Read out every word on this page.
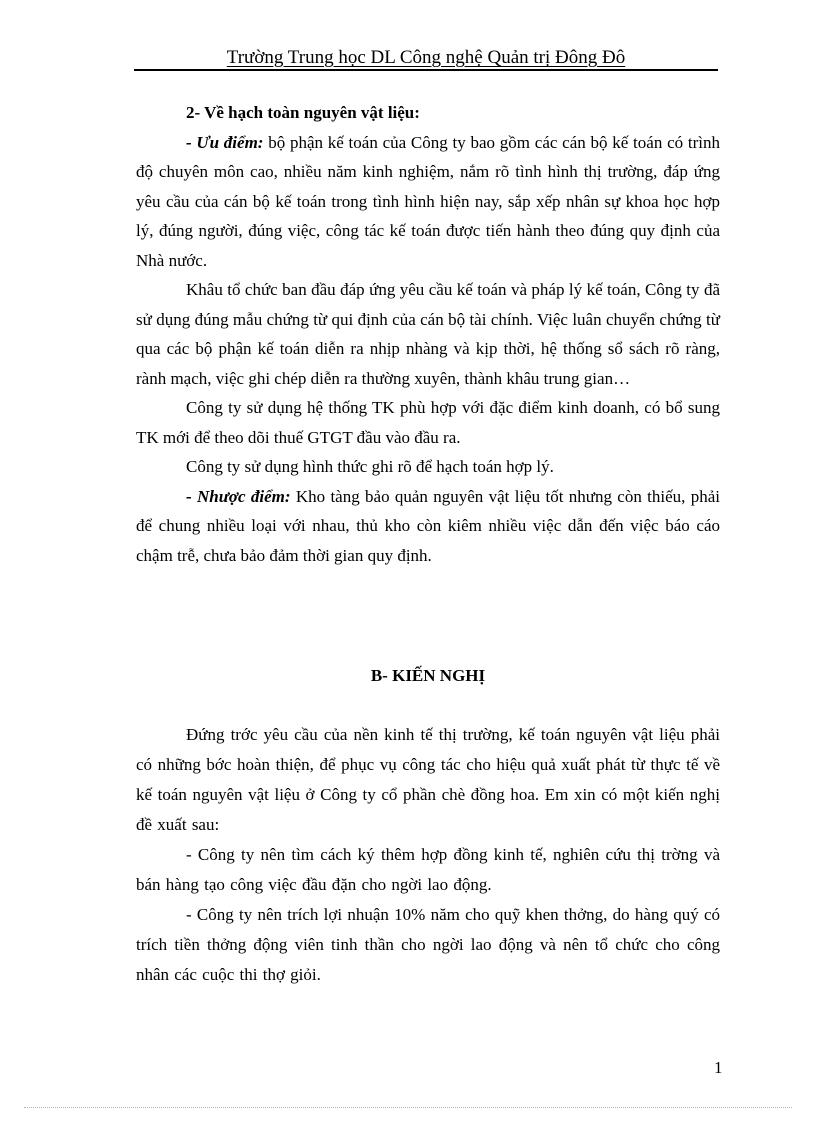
Trường Trung học DL Công nghệ Quản trị Đông Đô

2- Về hạch toàn nguyên vật liệu:

- Ưu điểm: bộ phận kế toán của Công ty bao gồm các cán bộ kế toán có trình độ chuyên môn cao, nhiều năm kinh nghiệm, nắm rõ tình hình thị trường, đáp ứng yêu cầu của cán bộ kế toán trong tình hình hiện nay, sắp xếp nhân sự khoa học hợp lý, đúng người, đúng việc, công tác kế toán được tiến hành theo đúng quy định của Nhà nước.

Khâu tổ chức ban đầu đáp ứng yêu cầu kế toán và pháp lý kế toán, Công ty đã sử dụng đúng mẫu chứng từ qui định của cán bộ tài chính. Việc luân chuyển chứng từ qua các bộ phận kế toán diễn ra nhịp nhàng và kịp thời, hệ thống sổ sách rõ ràng, rành mạch, việc ghi chép diễn ra thường xuyên, thành khâu trung gian…

Công ty sử dụng hệ thống TK phù hợp với đặc điểm kinh doanh, có bổ sung TK mới để theo dõi thuế GTGT đầu vào đầu ra.

Công ty sử dụng hình thức ghi rõ để hạch toán hợp lý.

- Nhược điểm: Kho tàng bảo quản nguyên vật liệu tốt nhưng còn thiếu, phải để chung nhiều loại với nhau, thủ kho còn kiêm nhiều việc dẫn đến việc báo cáo chậm trễ, chưa bảo đảm thời gian quy định.

B- KIẾN NGHỊ

Đứng trớc yêu cầu của nền kinh tế thị trường, kế toán nguyên vật liệu phải có những bớc hoàn thiện, để phục vụ công tác cho hiệu quả xuất phát từ thực tế về kế toán nguyên vật liệu ở Công ty cổ phần chè đồng hoa. Em xin có một kiến nghị đề xuất sau:

- Công ty nên tìm cách ký thêm hợp đồng kinh tế, nghiên cứu thị trờng và bán hàng tạo công việc đầu đặn cho ngời lao động.

- Công ty nên trích lợi nhuận 10% năm cho quỹ khen thởng, do hàng quý có trích tiền thởng động viên tinh thần cho ngời lao động và nên tổ chức cho công nhân các cuộc thi thợ giỏi.

1
